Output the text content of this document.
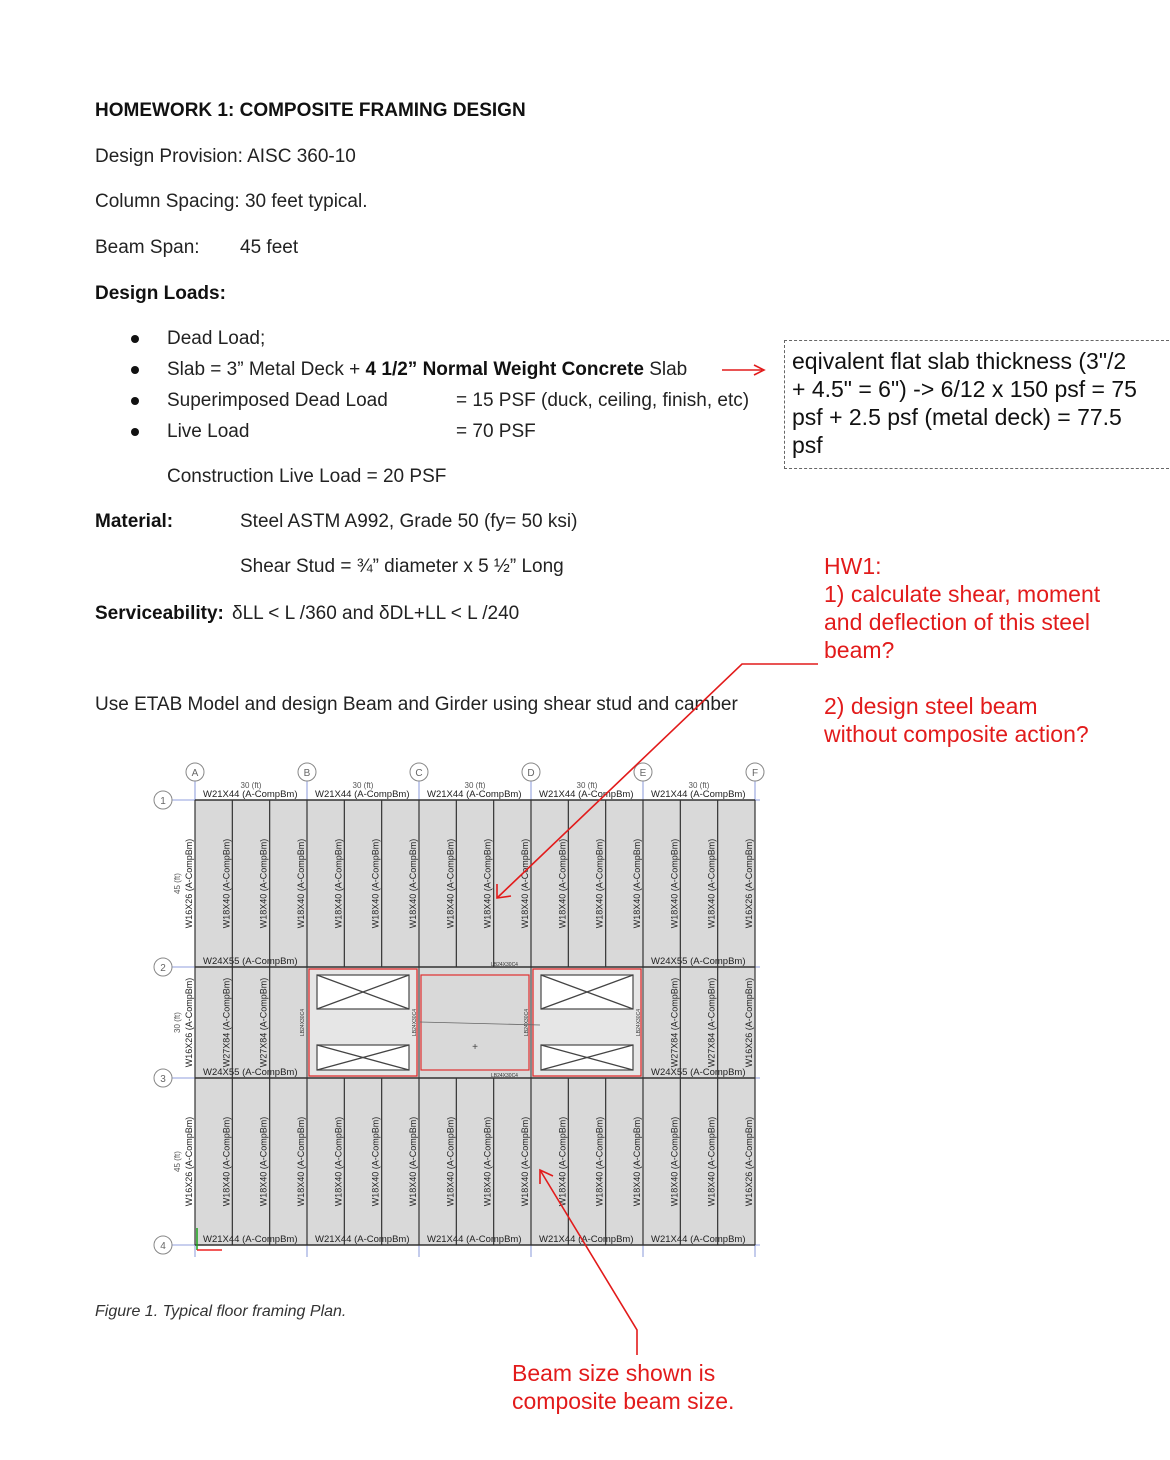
HOMEWORK 1: COMPOSITE FRAMING DESIGN
Design Provision: AISC 360-10
Column Spacing: 30 feet typical.
Beam Span: 45 feet
Design Loads:
Dead Load;
Slab = 3” Metal Deck + 4 1/2” Normal Weight Concrete Slab
Superimposed Dead Load	= 15 PSF (duck, ceiling, finish, etc)
Live Load	= 70 PSF
Construction Live Load = 20 PSF
Material:	Steel ASTM A992, Grade 50 (fy= 50 ksi)
Shear Stud = ¾” diameter x 5 ½” Long
Serviceability: δLL < L /360 and δDL+LL < L /240
Use ETAB Model and design Beam and Girder using shear stud and camber
eqivalent flat slab thickness (3"/2
+ 4.5" = 6") -> 6/12 x 150 psf = 75
psf + 2.5 psf (metal deck) = 77.5
psf
HW1:
1) calculate shear, moment
and deflection of this steel
beam?
2) design steel beam
without composite action?
Beam size shown is
composite beam size.
Figure 1. Typical floor framing Plan.
A	B	C	D	E	F
1
2
3
4
30 (ft)	30 (ft)	30 (ft)	30 (ft)	30 (ft)
45 (ft)
30 (ft)
45 (ft)
W21X44 (A-CompBm)
W21X44 (A-CompBm)
W21X44 (A-CompBm)
W21X44 (A-CompBm)
W21X44 (A-CompBm)
W21X44 (A-CompBm)
W21X44 (A-CompBm)
W21X44 (A-CompBm)
W21X44 (A-CompBm)
W21X44 (A-CompBm)
W24X55 (A-CompBm)	W24X55 (A-CompBm)
W24X55 (A-CompBm)	W24X55 (A-CompBm)
LB24X30C4
LB24X30C4
W16X26 (A-CompBm)
W16X26 (A-CompBm)
W18X40 (A-CompBm)
W18X40 (A-CompBm)
W18X40 (A-CompBm)
W18X40 (A-CompBm)
W18X40 (A-CompBm)
W18X40 (A-CompBm)
W18X40 (A-CompBm)
W18X40 (A-CompBm)
W18X40 (A-CompBm)
W18X40 (A-CompBm)
W18X40 (A-CompBm)
W18X40 (A-CompBm)
W18X40 (A-CompBm)
W18X40 (A-CompBm)
W18X40 (A-CompBm)
W18X40 (A-CompBm)
W18X40 (A-CompBm)
W18X40 (A-CompBm)
W18X40 (A-CompBm)
W18X40 (A-CompBm)
W18X40 (A-CompBm)
W18X40 (A-CompBm)
W18X40 (A-CompBm)
W18X40 (A-CompBm)
W18X40 (A-CompBm)
W18X40 (A-CompBm)
W18X40 (A-CompBm)
W18X40 (A-CompBm)
W16X26 (A-CompBm)
W16X26 (A-CompBm)
W16X26 (A-CompBm)	W27X84 (A-CompBm)	W27X84 (A-CompBm)	W27X84 (A-CompBm)	W27X84 (A-CompBm)	W16X26 (A-CompBm)
LB24X30C4	LB24X30C4	LB24X30C4	LB24X30C4
+
